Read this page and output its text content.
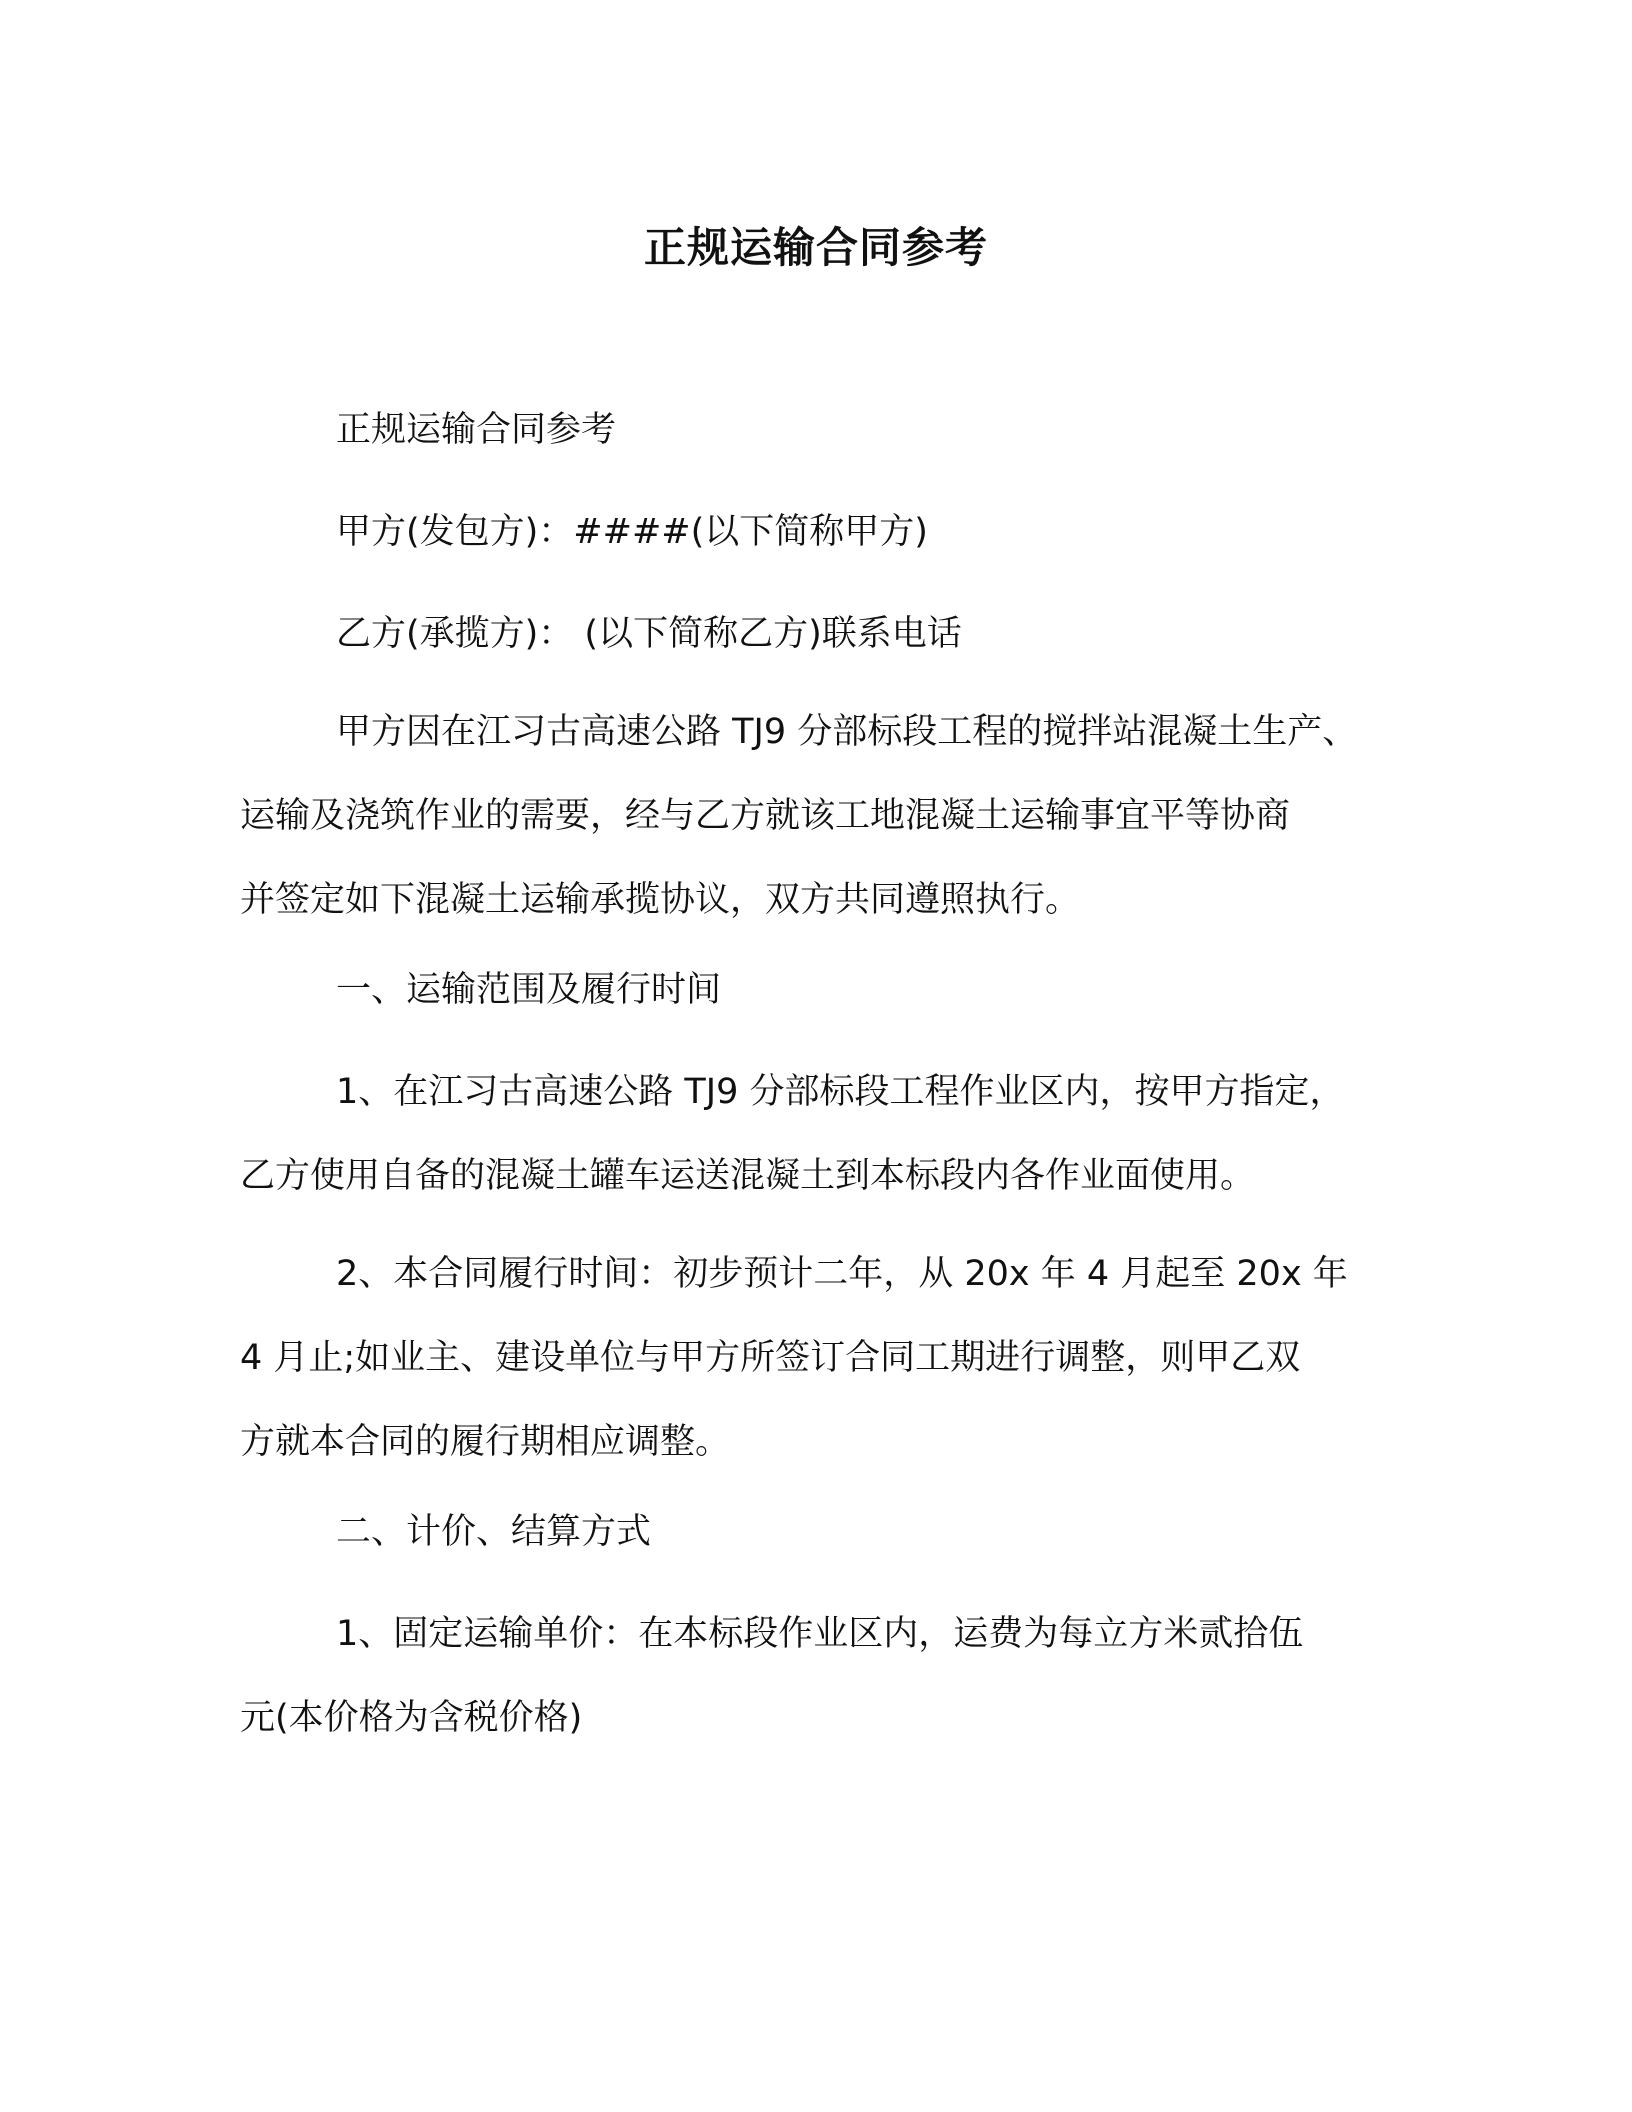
正规运输合同参考
正规运输合同参考
甲方(发包方)：####(以下简称甲方)
乙方(承揽方)： (以下简称乙方)联系电话
甲方因在江习古高速公路 TJ9 分部标段工程的搅拌站混凝土生产、
运输及浇筑作业的需要，经与乙方就该工地混凝土运输事宜平等协商
并签定如下混凝土运输承揽协议，双方共同遵照执行。
一、运输范围及履行时间
1、在江习古高速公路 TJ9 分部标段工程作业区内，按甲方指定，
乙方使用自备的混凝土罐车运送混凝土到本标段内各作业面使用。
2、本合同履行时间：初步预计二年，从 20x 年 4 月起至 20x 年
4 月止;如业主、建设单位与甲方所签订合同工期进行调整，则甲乙双
方就本合同的履行期相应调整。
二、计价、结算方式
1、固定运输单价：在本标段作业区内，运费为每立方米贰拾伍
元(本价格为含税价格)
